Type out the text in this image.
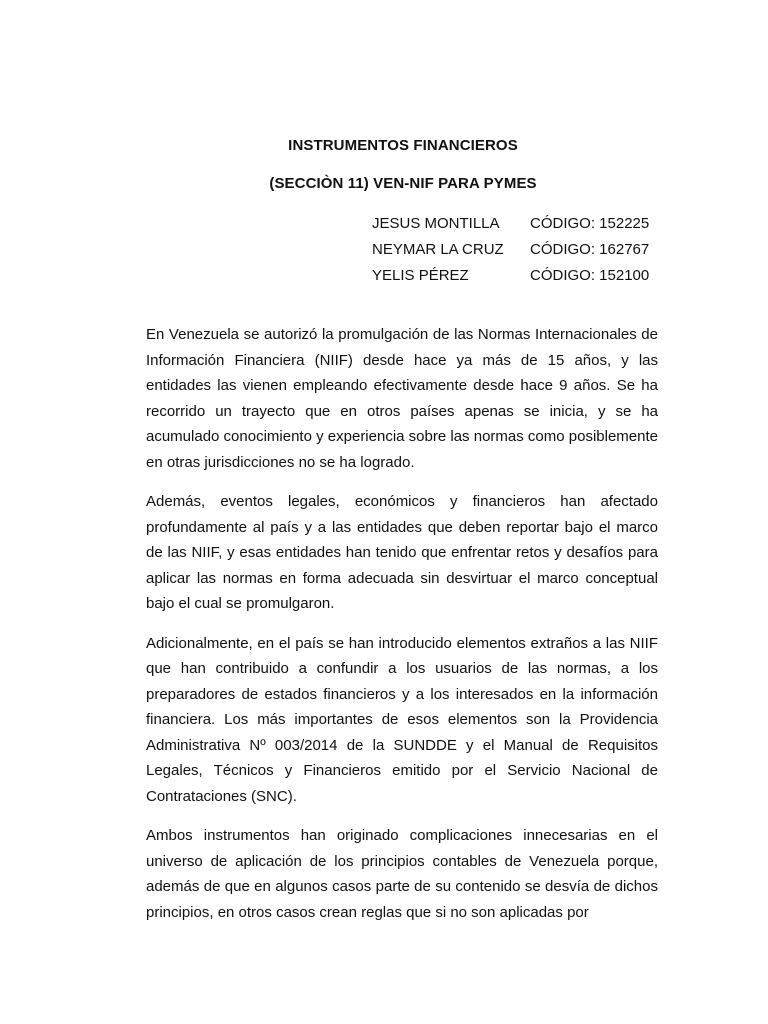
INSTRUMENTOS FINANCIEROS
(SECCIÒN 11) VEN-NIF PARA PYMES
JESUS MONTILLA	CÓDIGO: 152225
NEYMAR LA CRUZ	CÓDIGO: 162767
YELIS PÉREZ	CÓDIGO: 152100

En Venezuela se autorizó la promulgación de las Normas Internacionales de Información Financiera (NIIF) desde hace ya más de 15 años, y las entidades las vienen empleando efectivamente desde hace 9 años. Se ha recorrido un trayecto que en otros países apenas se inicia, y se ha acumulado conocimiento y experiencia sobre las normas como posiblemente en otras jurisdicciones no se ha logrado.

Además, eventos legales, económicos y financieros han afectado profundamente al país y a las entidades que deben reportar bajo el marco de las NIIF, y esas entidades han tenido que enfrentar retos y desafíos para aplicar las normas en forma adecuada sin desvirtuar el marco conceptual bajo el cual se promulgaron.

Adicionalmente, en el país se han introducido elementos extraños a las NIIF que han contribuido a confundir a los usuarios de las normas, a los preparadores de estados financieros y a los interesados en la información financiera. Los más importantes de esos elementos son la Providencia Administrativa Nº 003/2014 de la SUNDDE y el Manual de Requisitos Legales, Técnicos y Financieros emitido por el Servicio Nacional de Contrataciones (SNC).

Ambos instrumentos han originado complicaciones innecesarias en el universo de aplicación de los principios contables de Venezuela porque, además de que en algunos casos parte de su contenido se desvía de dichos principios, en otros casos crean reglas que si no son aplicadas por
